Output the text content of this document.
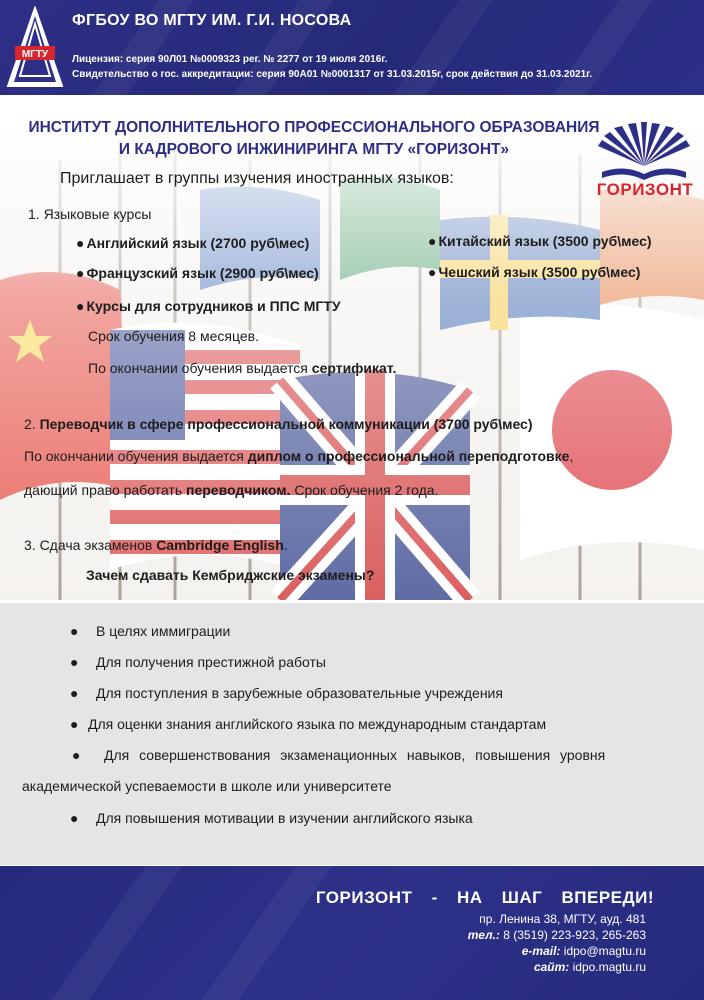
МГТУ
ФГБОУ ВО МГТУ ИМ. Г.И. НОСОВА
Лицензия: серия 90Л01 №0009323 рег. № 2277 от 19 июля 2016г.
Свидетельство о гос. аккредитации: серия 90А01 №0001317 от 31.03.2015г, срок действия до 31.03.2021г.
ИНСТИТУТ ДОПОЛНИТЕЛЬНОГО ПРОФЕССИОНАЛЬНОГО ОБРАЗОВАНИЯ
И КАДРОВОГО ИНЖИНИРИНГА МГТУ «ГОРИЗОНТ»
ГОРИЗОНТ
Приглашает в группы изучения иностранных языков:
1. Языковые курсы
● Английский язык (2700 руб\мес)
● Французский язык (2900 руб\мес)
● Курсы для сотрудников и ППС МГТУ
● Китайский язык (3500 руб\мес)
● Чешский язык (3500 руб\мес)
Срок обучения 8 месяцев.
По окончании обучения выдается сертификат.
2. Переводчик в сфере профессиональной коммуникации (3700 руб\мес)
По окончании обучения выдается диплом о профессиональной переподготовке,
дающий право работать переводчиком. Срок обучения 2 года.
3. Сдача экзаменов Cambridge English.
Зачем сдавать Кембриджские экзамены?
● В целях иммиграции
● Для получения престижной работы
● Для поступления в зарубежные образовательные учреждения
● Для оценки знания английского языка по международным стандартам
● Для совершенствования экзаменационных навыков, повышения уровня
академической успеваемости в школе или университете
● Для повышения мотивации в изучении английского языка
ГОРИЗОНТ - НА ШАГ ВПЕРЕДИ!
пр. Ленина 38, МГТУ, ауд. 481
тел.: 8 (3519) 223-923, 265-263
e-mail: idpo@magtu.ru
сайт: idpo.magtu.ru
